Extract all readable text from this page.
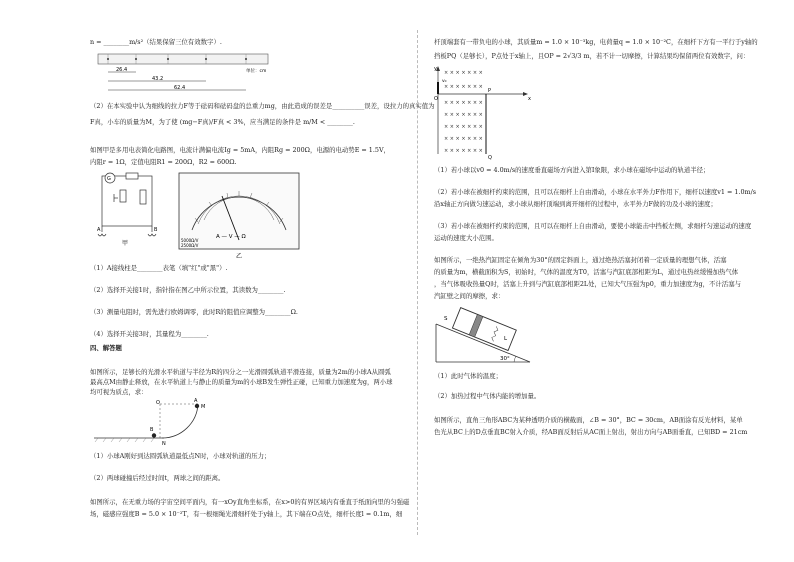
n = ________m/s²（结果保留三位有效数字）.
26.4
43.2
62.4
单位：cm
（2）在本实验中认为细线的拉力F等于砝码和砝码盘的总重力mg，由此造成的误差是__________误差，设拉力的真实值为
F真，小车的质量为M，为了使 (mg−F真)/F真 < 3%，应当满足的条件是 m/M < ________.
如图甲是多用电表简化电路图，电流计满偏电流Ig = 5mA，内阻Rg = 200Ω，电源的电动势E = 1.5V，
内阻r = 1Ω，定值电阻R1 = 200Ω，R2 = 600Ω.
G
A	B
甲
A — V — Ω
5000Ω/V
2500Ω/V
乙
（1）A接线柱是________表笔（填"红"或"黑"）.
（2）选择开关接1时，指针指在图乙中所示位置，其读数为________.
（3）测量电阻时，需先进行欧姆调零，此时R的阻值应调整为________Ω.
（4）选择开关接3时，其量程为________.
四、解答题
如图所示，足够长的光滑水平轨道与半径为R的四分之一光滑圆弧轨道平滑连接，质量为2m的小球A从圆弧
最高点M由静止释放，在水平轨道上与静止的质量为m的小球B发生弹性正碰，已知重力加速度为g，两小球
均可视为质点，求：
O	A
M
B
N
（1）小球A刚好到达圆弧轨道最低点N时，小球对轨道的压力；
（2）两球碰撞后经过时间t，两球之间的距离。
如图所示，在无重力场的宇宙空间平面内，有一xOy直角坐标系，在x>0的有界区域内有垂直于纸面向里的匀强磁
场，磁感应强度B = 5.0 × 10⁻²T，有一根细绳光滑细杆处于y轴上，其下端在O点处，细杆长度l = 0.1m，细
杆顶端套有一带负电的小球，其质量m = 1.0 × 10⁻³kg，电荷量q = 1.0 × 10⁻²C，在细杆下方有一平行于y轴的
挡板PQ（足够长），P点处于x轴上，且OP = 2√3/3 m，若不计一切摩擦，计算结果均保留两位有效数字，问：
× × × × × × ×
× × × × × × ×
× × × × × × ×
× × × × × × ×
× × × × × × ×
× × × × × × ×
× × × × × × ×
y
O	x
P
Q
v₀
（1）若小球以v0 = 4.0m/s的速度垂直磁场方向进入第Ⅰ象限，求小球在磁场中运动的轨道半径；
（2）若小球在被细杆约束的范围，且可以在细杆上自由滑动，小球在水平外力F作用下，细杆以速度v1 = 1.0m/s
沿x轴正方向做匀速运动，求小球从细杆顶端到离开细杆的过程中，水平外力F做的功及小球的速度；
（3）若小球在被细杆约束的范围，且可以在细杆上自由滑动，要使小球能击中挡板左侧，求细杆匀速运动的速度
运动的速度大小范围。
如图所示，一绝热汽缸固定在倾角为30°的固定斜面上，通过绝热活塞封闭着一定质量的理想气体，活塞
的质量为m，横截面积为S，初始时，气体的温度为T0，活塞与汽缸底部相距为L，通过电热丝缓慢加热气体
，当气体吸收热量Q时，活塞上升到与汽缸底部相距2L处，已知大气压强为p0，重力加速度为g，不计活塞与
汽缸壁之间的摩擦，求：
S
L
30°
（1）此时气体的温度；
（2）加热过程中气体内能的增加量。
如图所示，直角三角形ABC为某种透明介质的横截面，∠B = 30°，BC = 30cm，AB面涂有反光材料，某单
色光从BC上的D点垂直BC射入介质，经AB面反射后从AC面上射出，射出方向与AB面垂直，已知BD = 21cm
